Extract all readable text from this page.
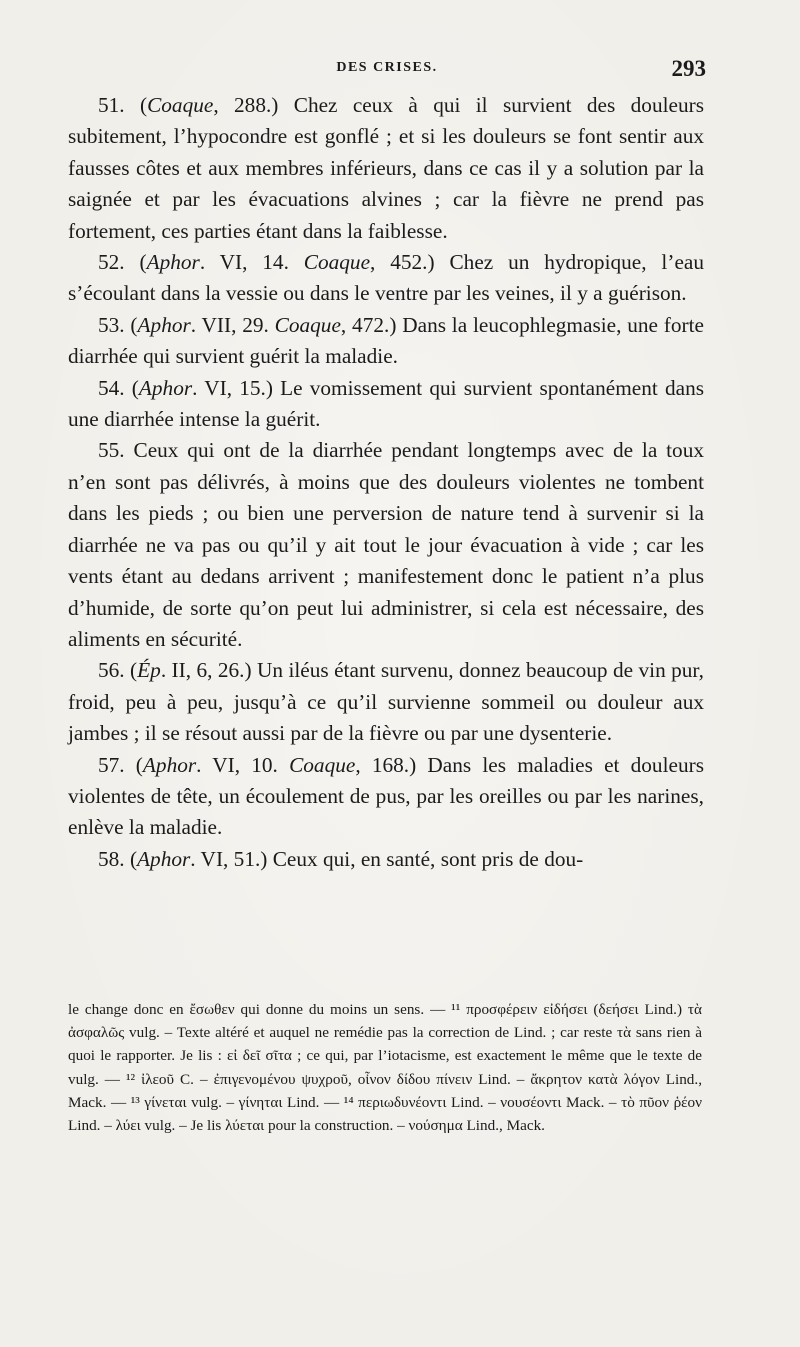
DES CRISES.	293

51. (Coaque, 288.) Chez ceux à qui il survient des douleurs subitement, l’hypocondre est gonflé ; et si les douleurs se font sentir aux fausses côtes et aux membres inférieurs, dans ce cas il y a solution par la saignée et par les évacuations alvines ; car la fièvre ne prend pas fortement, ces parties étant dans la faiblesse.

52. (Aphor. VI, 14. Coaque, 452.) Chez un hydropique, l’eau s’écoulant dans la vessie ou dans le ventre par les veines, il y a guérison.

53. (Aphor. VII, 29. Coaque, 472.) Dans la leucophlegmasie, une forte diarrhée qui survient guérit la maladie.

54. (Aphor. VI, 15.) Le vomissement qui survient spontanément dans une diarrhée intense la guérit.

55. Ceux qui ont de la diarrhée pendant longtemps avec de la toux n’en sont pas délivrés, à moins que des douleurs violentes ne tombent dans les pieds ; ou bien une perversion de nature tend à survenir si la diarrhée ne va pas ou qu’il y ait tout le jour évacuation à vide ; car les vents étant au dedans arrivent ; manifestement donc le patient n’a plus d’humide, de sorte qu’on peut lui administrer, si cela est nécessaire, des aliments en sécurité.

56. (Ép. II, 6, 26.) Un iléus étant survenu, donnez beaucoup de vin pur, froid, peu à peu, jusqu’à ce qu’il survienne sommeil ou douleur aux jambes ; il se résout aussi par de la fièvre ou par une dysenterie.

57. (Aphor. VI, 10. Coaque, 168.) Dans les maladies et douleurs violentes de tête, un écoulement de pus, par les oreilles ou par les narines, enlève la maladie.

58. (Aphor. VI, 51.) Ceux qui, en santé, sont pris de dou-

le change donc en ἔσωθεν qui donne du moins un sens. — ¹¹ προσφέρειν εἰδήσει (δεήσει Lind.) τὰ ἀσφαλῶς vulg. – Texte altéré et auquel ne remédie pas la correction de Lind. ; car reste τὰ sans rien à quoi le rapporter. Je lis : εἰ δεῖ σῖτα ; ce qui, par l’iotacisme, est exactement le même que le texte de vulg. — ¹² ἰλεοῦ C. – ἐπιγενομένου ψυχροῦ, οἶνον δίδου πίνειν Lind. – ἄκρητον κατὰ λόγον Lind., Mack. — ¹³ γίνεται vulg. – γίνηται Lind. — ¹⁴ περιωδυνέοντι Lind. – νουσέοντι Mack. – τὸ πῦον ῥέον Lind. – λύει vulg. – Je lis λύεται pour la construction. – νούσημα Lind., Mack.
